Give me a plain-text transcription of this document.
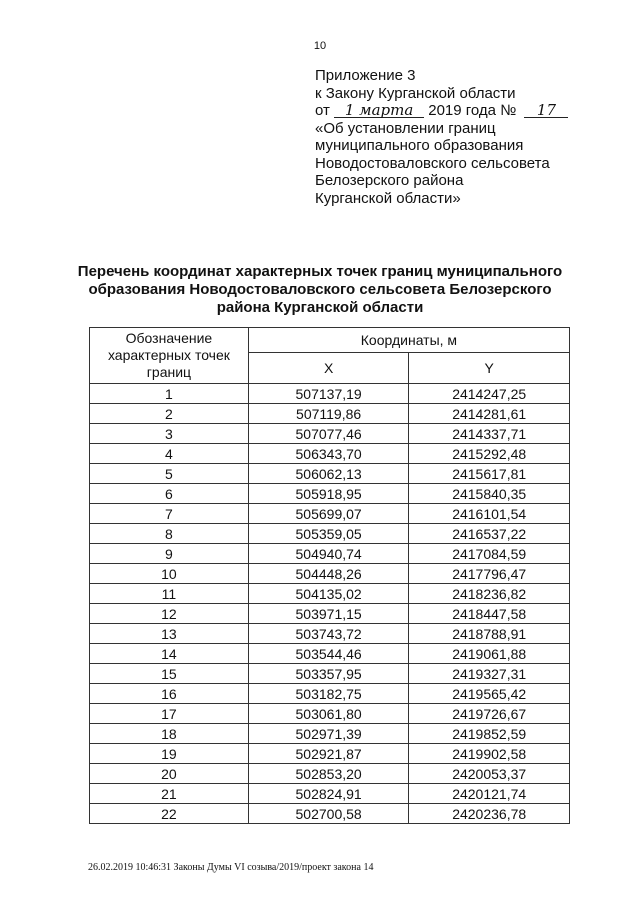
10
Приложение 3
к Закону Курганской области
от 1 марта 2019 года № 17
«Об установлении границ
муниципального образования
Новодостоваловского сельсовета
Белозерского района
Курганской области»
Перечень координат характерных точек границ муниципального
образования Новодостоваловского сельсовета Белозерского
района Курганской области
Обозначение характерных точек границ	Координаты, м	
	X	Y
1	507137,19	2414247,25
2	507119,86	2414281,61
3	507077,46	2414337,71
4	506343,70	2415292,48
5	506062,13	2415617,81
6	505918,95	2415840,35
7	505699,07	2416101,54
8	505359,05	2416537,22
9	504940,74	2417084,59
10	504448,26	2417796,47
11	504135,02	2418236,82
12	503971,15	2418447,58
13	503743,72	2418788,91
14	503544,46	2419061,88
15	503357,95	2419327,31
16	503182,75	2419565,42
17	503061,80	2419726,67
18	502971,39	2419852,59
19	502921,87	2419902,58
20	502853,20	2420053,37
21	502824,91	2420121,74
22	502700,58	2420236,78
26.02.2019 10:46:31 Законы Думы VI созыва/2019/проект закона 14
